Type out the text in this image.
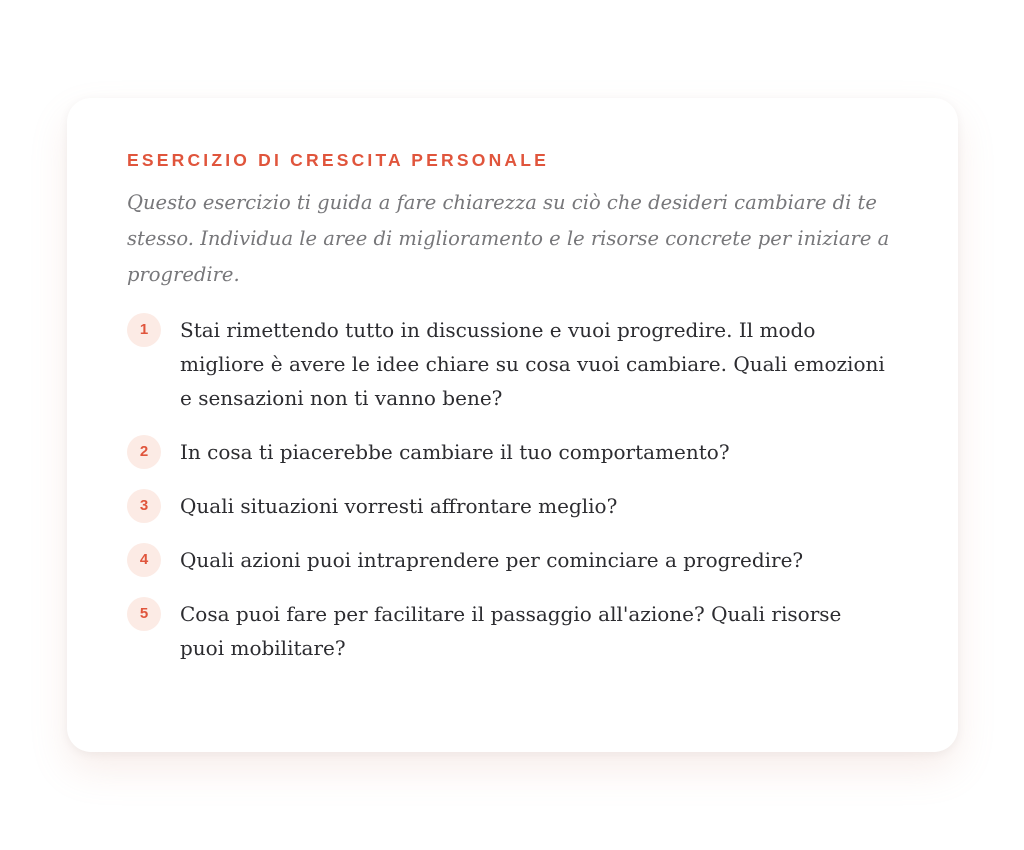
ESERCIZIO DI CRESCITA PERSONALE

Questo esercizio ti guida a fare chiarezza su ciò che desideri cambiare di te stesso. Individua le aree di miglioramento e le risorse concrete per iniziare a progredire.

1	Stai rimettendo tutto in discussione e vuoi progredire. Il modo migliore è avere le idee chiare su cosa vuoi cambiare. Quali emozioni e sensazioni non ti vanno bene?
2	In cosa ti piacerebbe cambiare il tuo comportamento?
3	Quali situazioni vorresti affrontare meglio?
4	Quali azioni puoi intraprendere per cominciare a progredire?
5	Cosa puoi fare per facilitare il passaggio all'azione? Quali risorse puoi mobilitare?
